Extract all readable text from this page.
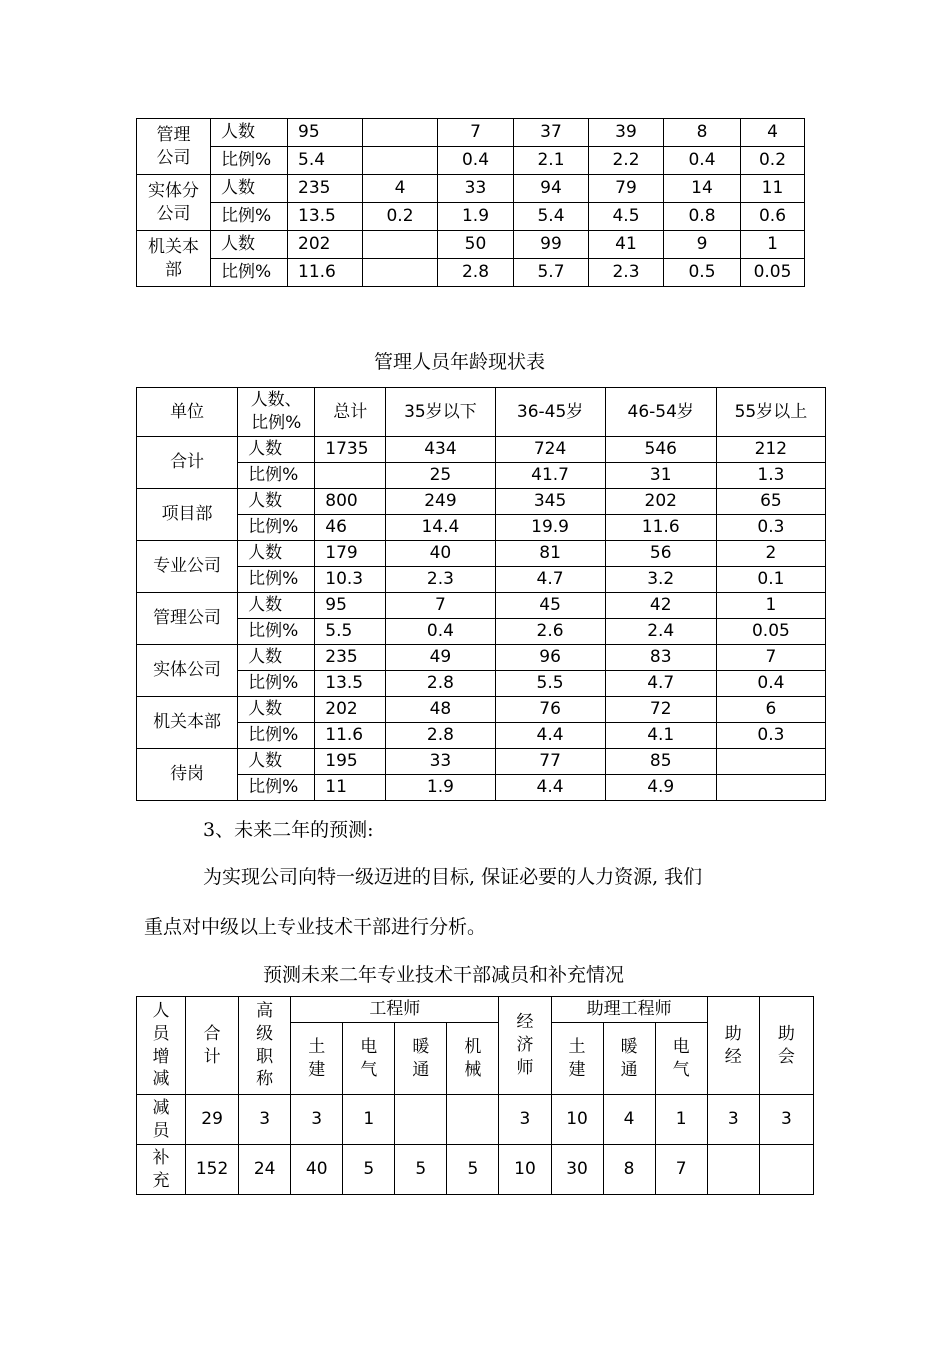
管理公司	人数	95		7	37	39	8	4
	比例%	5.4		0.4	2.1	2.2	0.4	0.2
实体分公司	人数	235	4	33	94	79	14	11
	比例%	13.5	0.2	1.9	5.4	4.5	0.8	0.6
机关本部	人数	202		50	99	41	9	1
	比例%	11.6		2.8	5.7	2.3	0.5	0.05
管理人员年龄现状表
单位	人数、比例%	总计	35岁以下	36-45岁	46-54岁	55岁以上
合计	人数	1735	434	724	546	212
	比例%		25	41.7	31	1.3
项目部	人数	800	249	345	202	65
	比例%	46	14.4	19.9	11.6	0.3
专业公司	人数	179	40	81	56	2
	比例%	10.3	2.3	4.7	3.2	0.1
管理公司	人数	95	7	45	42	1
	比例%	5.5	0.4	2.6	2.4	0.05
实体公司	人数	235	49	96	83	7
	比例%	13.5	2.8	5.5	4.7	0.4
机关本部	人数	202	48	76	72	6
	比例%	11.6	2.8	4.4	4.1	0.3
待岗	人数	195	33	77	85	
	比例%	11	1.9	4.4	4.9	
3、未来二年的预测:
为实现公司向特一级迈进的目标, 保证必要的人力资源, 我们
重点对中级以上专业技术干部进行分析。
预测未来二年专业技术干部减员和补充情况
人员增减	合计	高级职称	工程师				经济师	助理工程师			助经	助会
			土建	电气	暖通	机械		土建	暖通	电气		
减员	29	3	3	1			3	10	4	1	3	3
补充	152	24	40	5	5	5	10	30	8	7		
